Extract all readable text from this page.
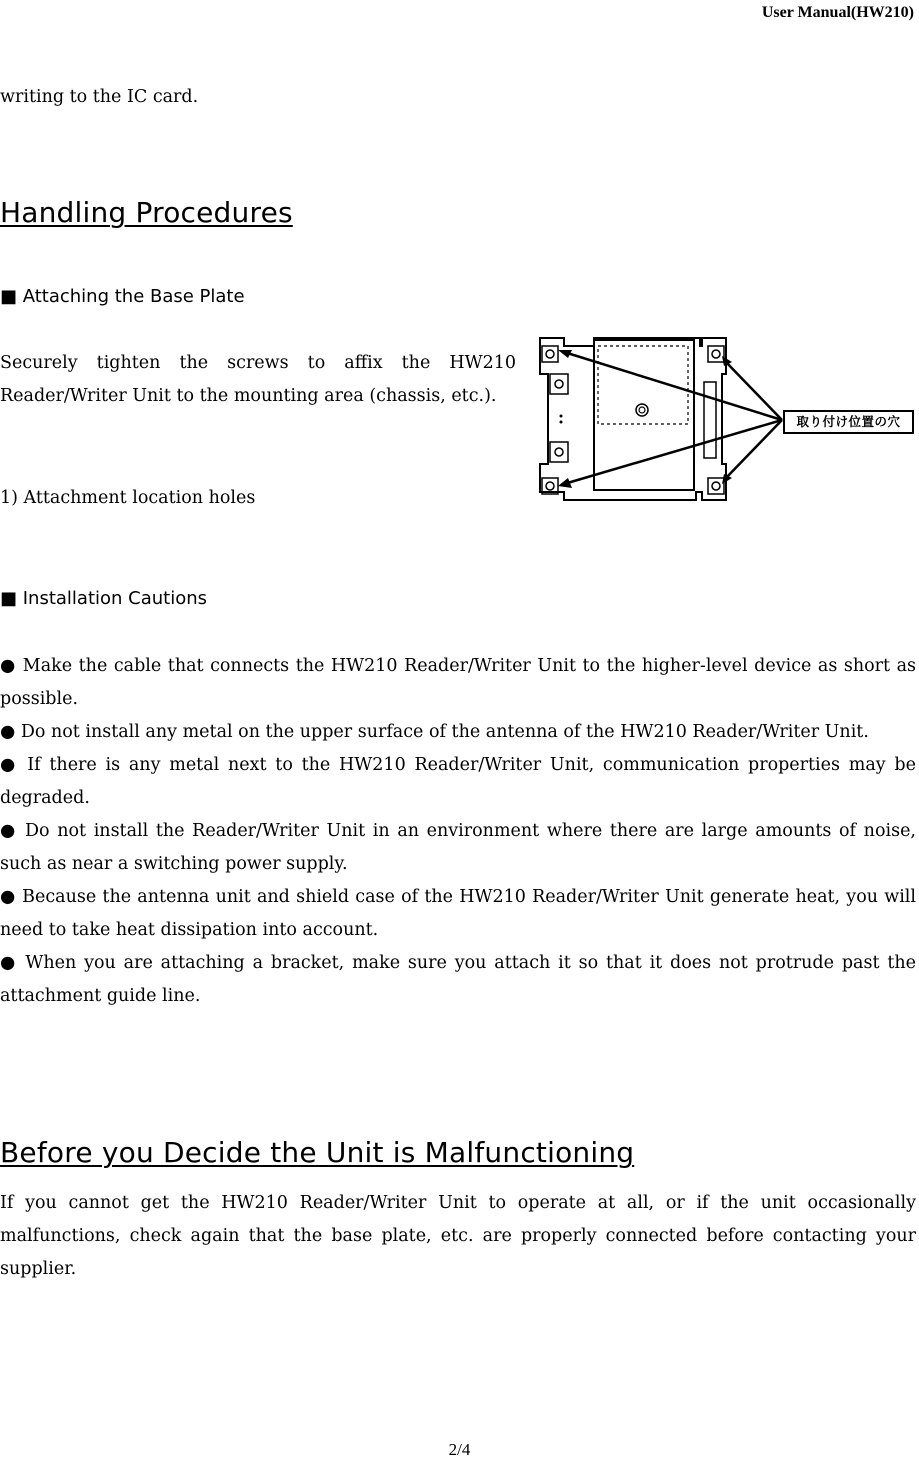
User Manual(HW210)
writing to the IC card.
Handling Procedures
■ Attaching the Base Plate
Securely tighten the screws to affix the HW210 Reader/Writer Unit to the mounting area (chassis, etc.).
1) Attachment location holes
取り付け位置の穴
■ Installation Cautions
● Make the cable that connects the HW210 Reader/Writer Unit to the higher-level device as short as possible.
● Do not install any metal on the upper surface of the antenna of the HW210 Reader/Writer Unit.
● If there is any metal next to the HW210 Reader/Writer Unit, communication properties may be degraded.
● Do not install the Reader/Writer Unit in an environment where there are large amounts of noise, such as near a switching power supply.
● Because the antenna unit and shield case of the HW210 Reader/Writer Unit generate heat, you will need to take heat dissipation into account.
● When you are attaching a bracket, make sure you attach it so that it does not protrude past the attachment guide line.
Before you Decide the Unit is Malfunctioning
If you cannot get the HW210 Reader/Writer Unit to operate at all, or if the unit occasionally malfunctions, check again that the base plate, etc. are properly connected before contacting your supplier.
2/4
